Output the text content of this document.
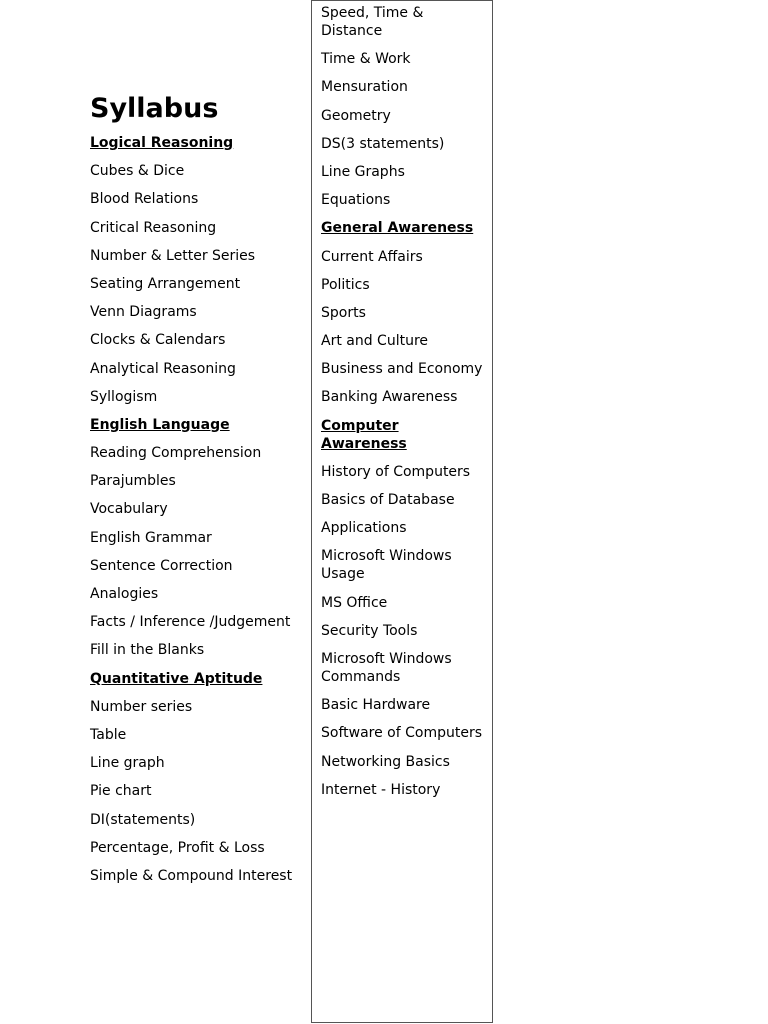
Syllabus
Logical Reasoning
Cubes & Dice
Blood Relations
Critical Reasoning
Number & Letter Series
Seating Arrangement
Venn Diagrams
Clocks & Calendars
Analytical Reasoning
Syllogism
English Language
Reading Comprehension
Parajumbles
Vocabulary
English Grammar
Sentence Correction
Analogies
Facts / Inference /Judgement
Fill in the Blanks
Quantitative Aptitude
Number series
Table
Line graph
Pie chart
DI(statements)
Percentage, Profit & Loss
Simple & Compound Interest
Speed, Time & Distance
Time & Work
Mensuration
Geometry
DS(3 statements)
Line Graphs
Equations
General Awareness
Current Affairs
Politics
Sports
Art and Culture
Business and Economy
Banking Awareness
Computer Awareness
History of Computers
Basics of Database
Applications
Microsoft Windows Usage
MS Office
Security Tools
Microsoft Windows Commands
Basic Hardware
Software of Computers
Networking Basics
Internet - History
